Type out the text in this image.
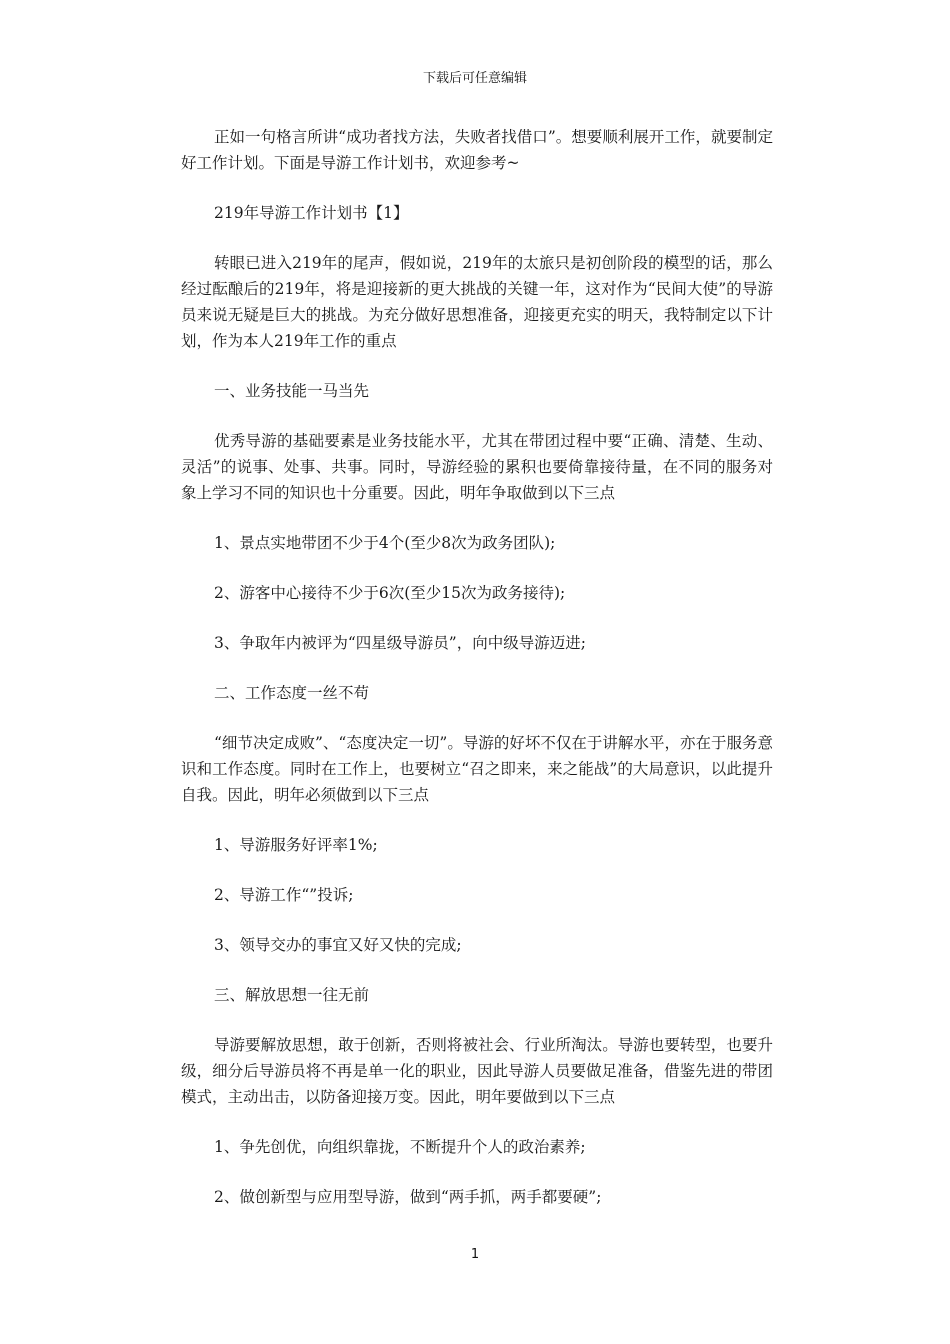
下载后可任意编辑

正如一句格言所讲“成功者找方法，失败者找借口”。想要顺利展开工作，就要制定好工作计划。下面是导游工作计划书，欢迎参考~

219年导游工作计划书【1】

转眼已进入219年的尾声，假如说，219年的太旅只是初创阶段的模型的话，那么经过酝酿后的219年，将是迎接新的更大挑战的关键一年，这对作为“民间大使”的导游员来说无疑是巨大的挑战。为充分做好思想准备，迎接更充实的明天，我特制定以下计划，作为本人219年工作的重点

一、业务技能一马当先

优秀导游的基础要素是业务技能水平，尤其在带团过程中要“正确、清楚、生动、灵活”的说事、处事、共事。同时，导游经验的累积也要倚靠接待量，在不同的服务对象上学习不同的知识也十分重要。因此，明年争取做到以下三点

1、景点实地带团不少于4个(至少8次为政务团队);

2、游客中心接待不少于6次(至少15次为政务接待);

3、争取年内被评为“四星级导游员”，向中级导游迈进;

二、工作态度一丝不苟

“细节决定成败”、“态度决定一切”。导游的好坏不仅在于讲解水平，亦在于服务意识和工作态度。同时在工作上，也要树立“召之即来，来之能战”的大局意识，以此提升自我。因此，明年必须做到以下三点

1、导游服务好评率1%;

2、导游工作“”投诉;

3、领导交办的事宜又好又快的完成;

三、解放思想一往无前

导游要解放思想，敢于创新，否则将被社会、行业所淘汰。导游也要转型，也要升级，细分后导游员将不再是单一化的职业，因此导游人员要做足准备，借鉴先进的带团模式，主动出击，以防备迎接万变。因此，明年要做到以下三点

1、争先创优，向组织靠拢，不断提升个人的政治素养;

2、做创新型与应用型导游，做到“两手抓，两手都要硬”;

1
